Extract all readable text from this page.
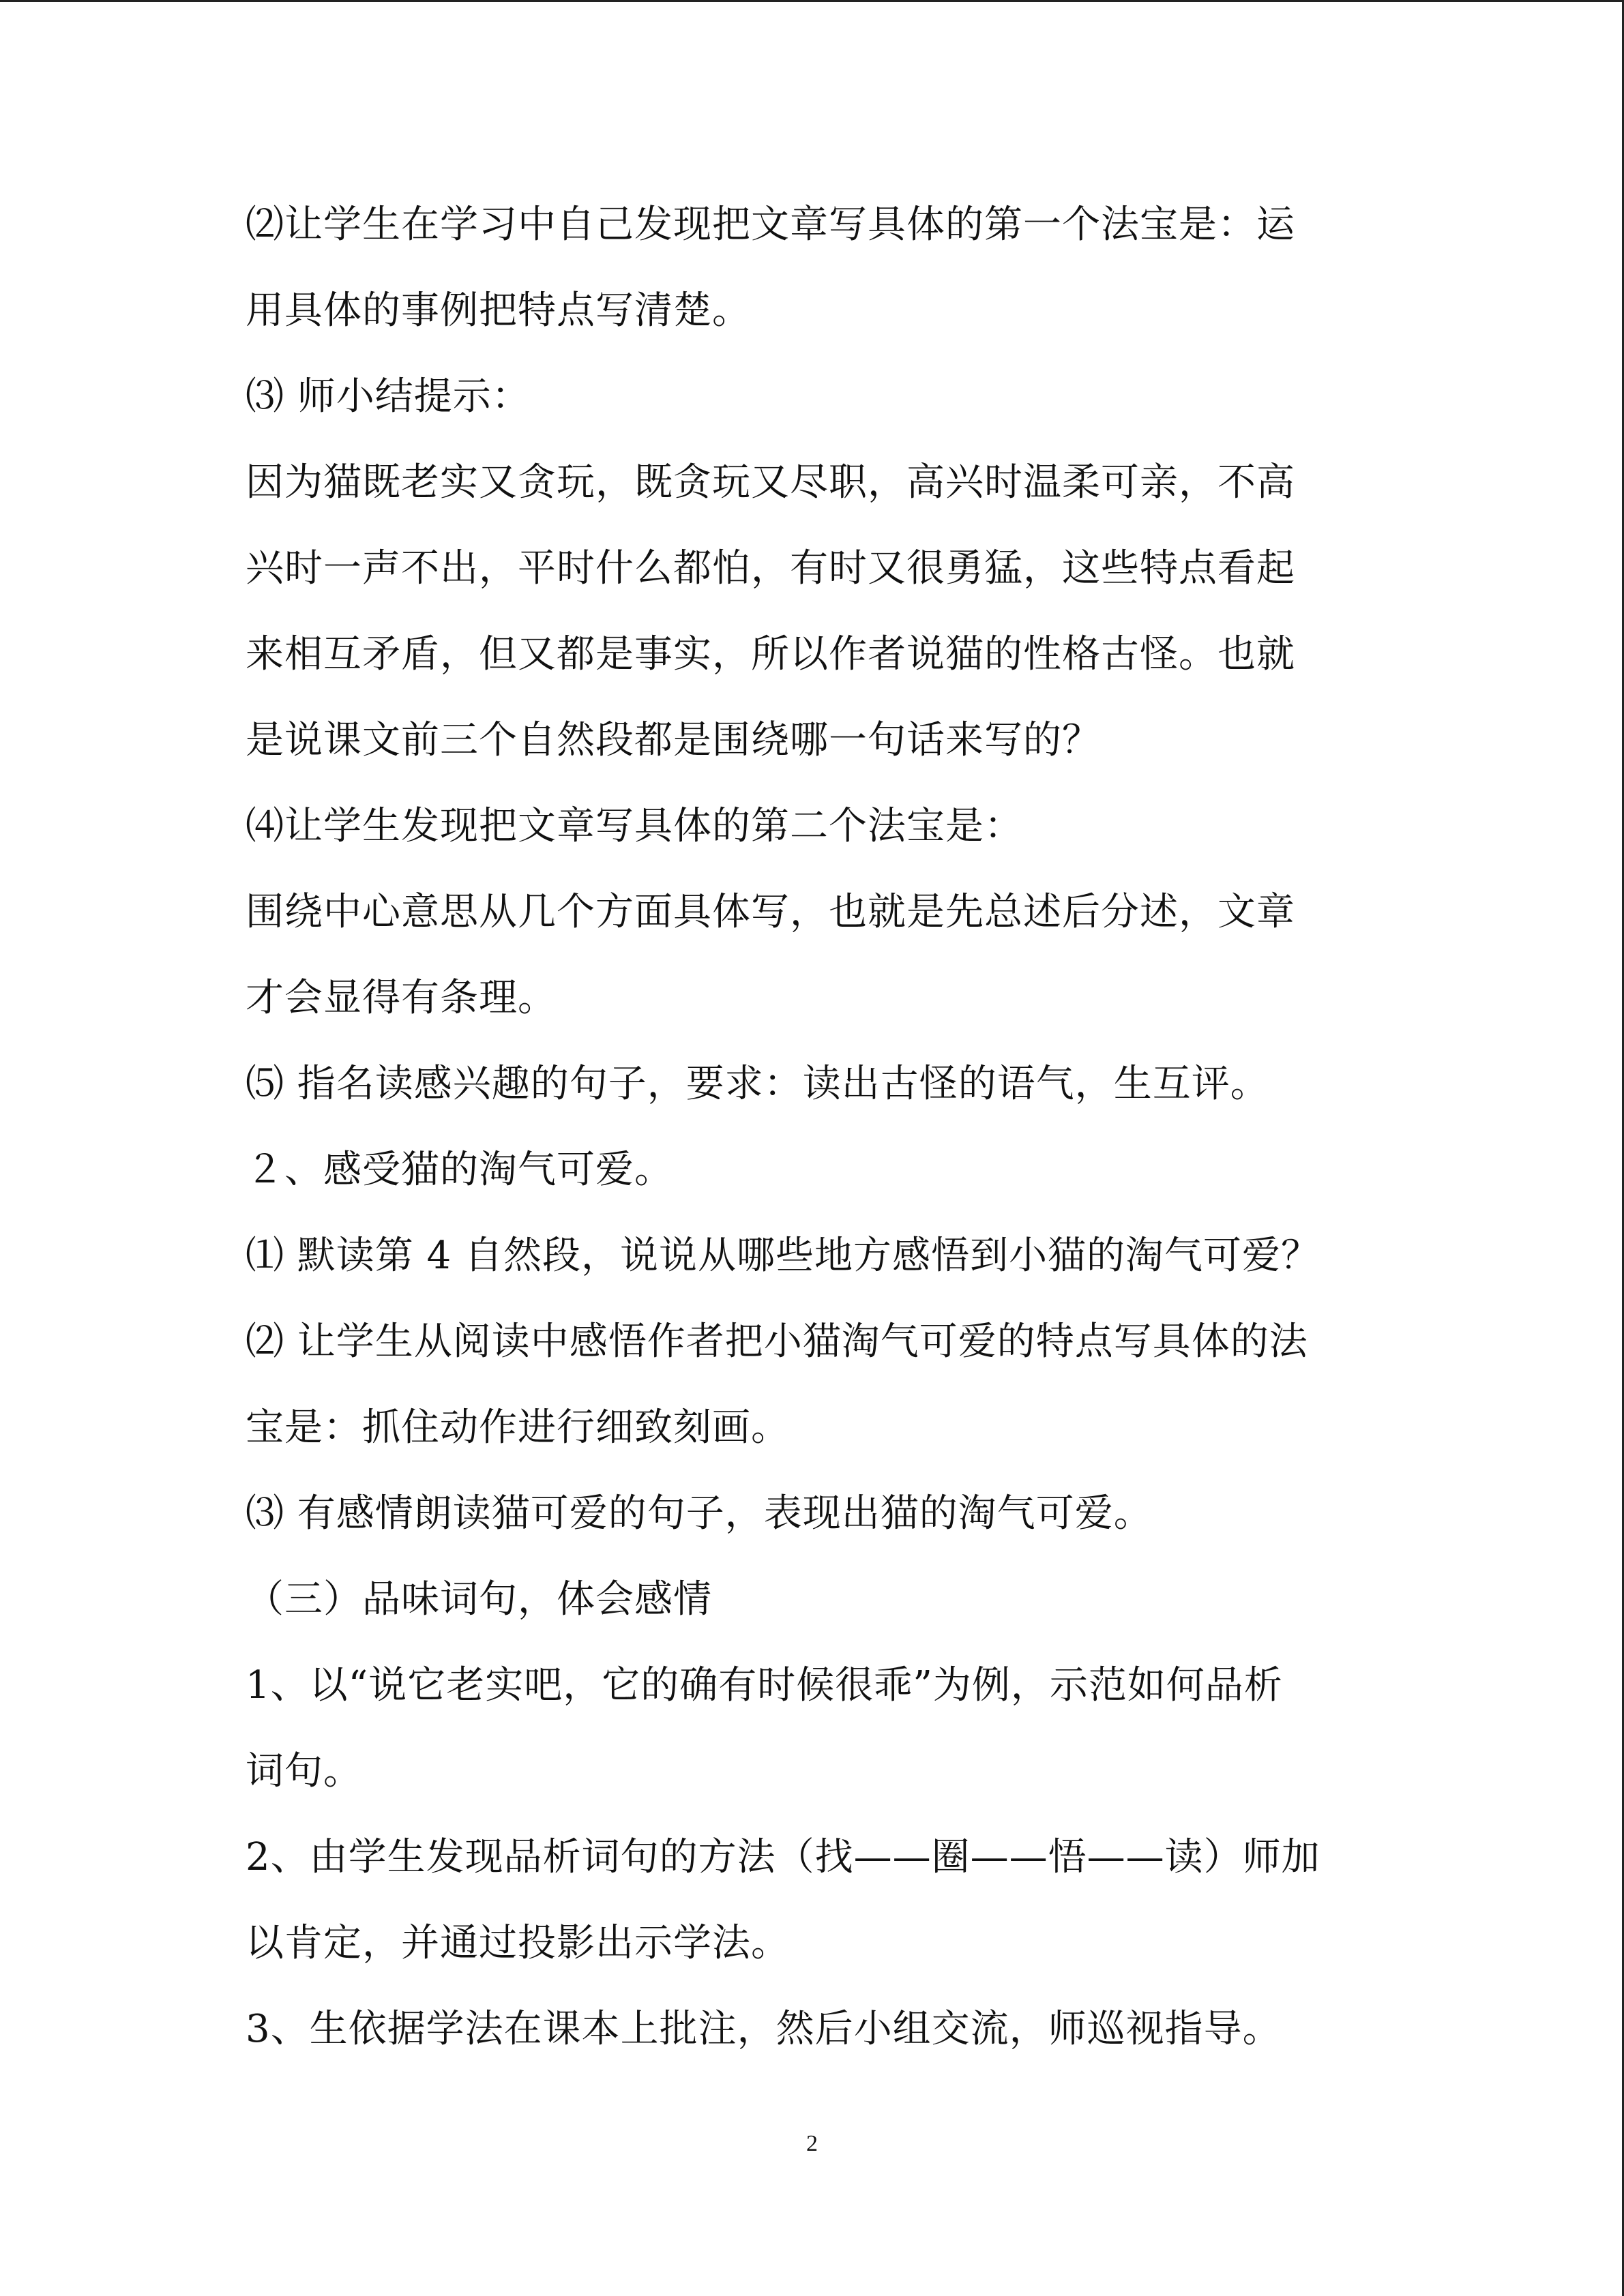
⑵让学生在学习中自己发现把文章写具体的第一个法宝是：运
用具体的事例把特点写清楚。
⑶ 师小结提示：
因为猫既老实又贪玩，既贪玩又尽职，高兴时温柔可亲，不高
兴时一声不出，平时什么都怕，有时又很勇猛，这些特点看起
来相互矛盾，但又都是事实，所以作者说猫的性格古怪。也就
是说课文前三个自然段都是围绕哪一句话来写的？
⑷让学生发现把文章写具体的第二个法宝是：
围绕中心意思从几个方面具体写，也就是先总述后分述，文章
才会显得有条理。
⑸ 指名读感兴趣的句子，要求：读出古怪的语气，生互评。
２、感受猫的淘气可爱。
⑴ 默读第 4 自然段，说说从哪些地方感悟到小猫的淘气可爱？
⑵ 让学生从阅读中感悟作者把小猫淘气可爱的特点写具体的法
宝是：抓住动作进行细致刻画。
⑶ 有感情朗读猫可爱的句子，表现出猫的淘气可爱。
（三）品味词句，体会感情
1、以“说它老实吧，它的确有时候很乖”为例，示范如何品析
词句。
2、由学生发现品析词句的方法（找——圈——悟——读）师加
以肯定，并通过投影出示学法。
3、生依据学法在课本上批注，然后小组交流，师巡视指导。
2
